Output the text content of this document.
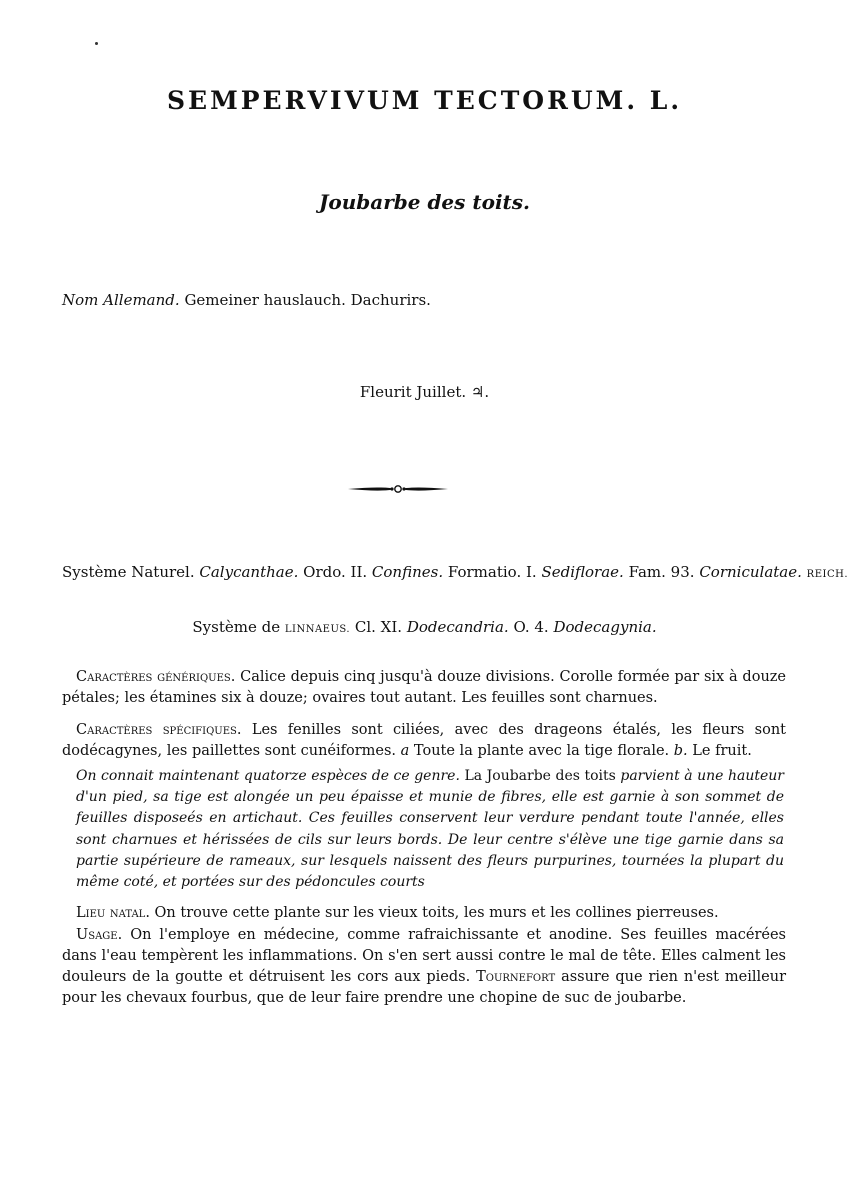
SEMPERVIVUM TECTORUM. L.
Joubarbe des toits.
Nom Allemand. Gemeiner hauslauch. Dachurirs.
Fleurit Juillet. ♃.
Système Naturel. Calycanthae. Ordo. II. Confines. Formatio. I. Sediflorae. Fam. 93. Corniculatae. REICH.
Système de LINNAEUS. Cl. XI. Dodecandria. O. 4. Dodecagynia.
Caractères génériques. Calice depuis cinq jusqu'à douze divisions. Corolle formée par six à douze pétales; les étamines six à douze; ovaires tout autant. Les feuilles sont charnues.
Caractères spécifiques. Les fenilles sont ciliées, avec des drageons étalés, les fleurs sont dodécagynes, les paillettes sont cunéiformes. a Toute la plante avec la tige florale. b. Le fruit.
On connait maintenant quatorze espèces de ce genre. La Joubarbe des toits parvient à une hauteur d'un pied, sa tige est alongée un peu épaisse et munie de fibres, elle est garnie à son sommet de feuilles disposeés en artichaut. Ces feuilles conservent leur verdure pendant toute l'année, elles sont charnues et hérissées de cils sur leurs bords. De leur centre s'élève une tige garnie dans sa partie supérieure de rameaux, sur lesquels naissent des fleurs purpurines, tournées la plupart du même coté, et portées sur des pédoncules courts
Lieu natal. On trouve cette plante sur les vieux toits, les murs et les collines pierreuses.
Usage. On l'employe en médecine, comme rafraichissante et anodine. Ses feuilles macérées dans l'eau tempèrent les inflammations. On s'en sert aussi contre le mal de tête. Elles calment les douleurs de la goutte et détruisent les cors aux pieds. Tournefort assure que rien n'est meilleur pour les chevaux fourbus, que de leur faire prendre une chopine de suc de joubarbe.
